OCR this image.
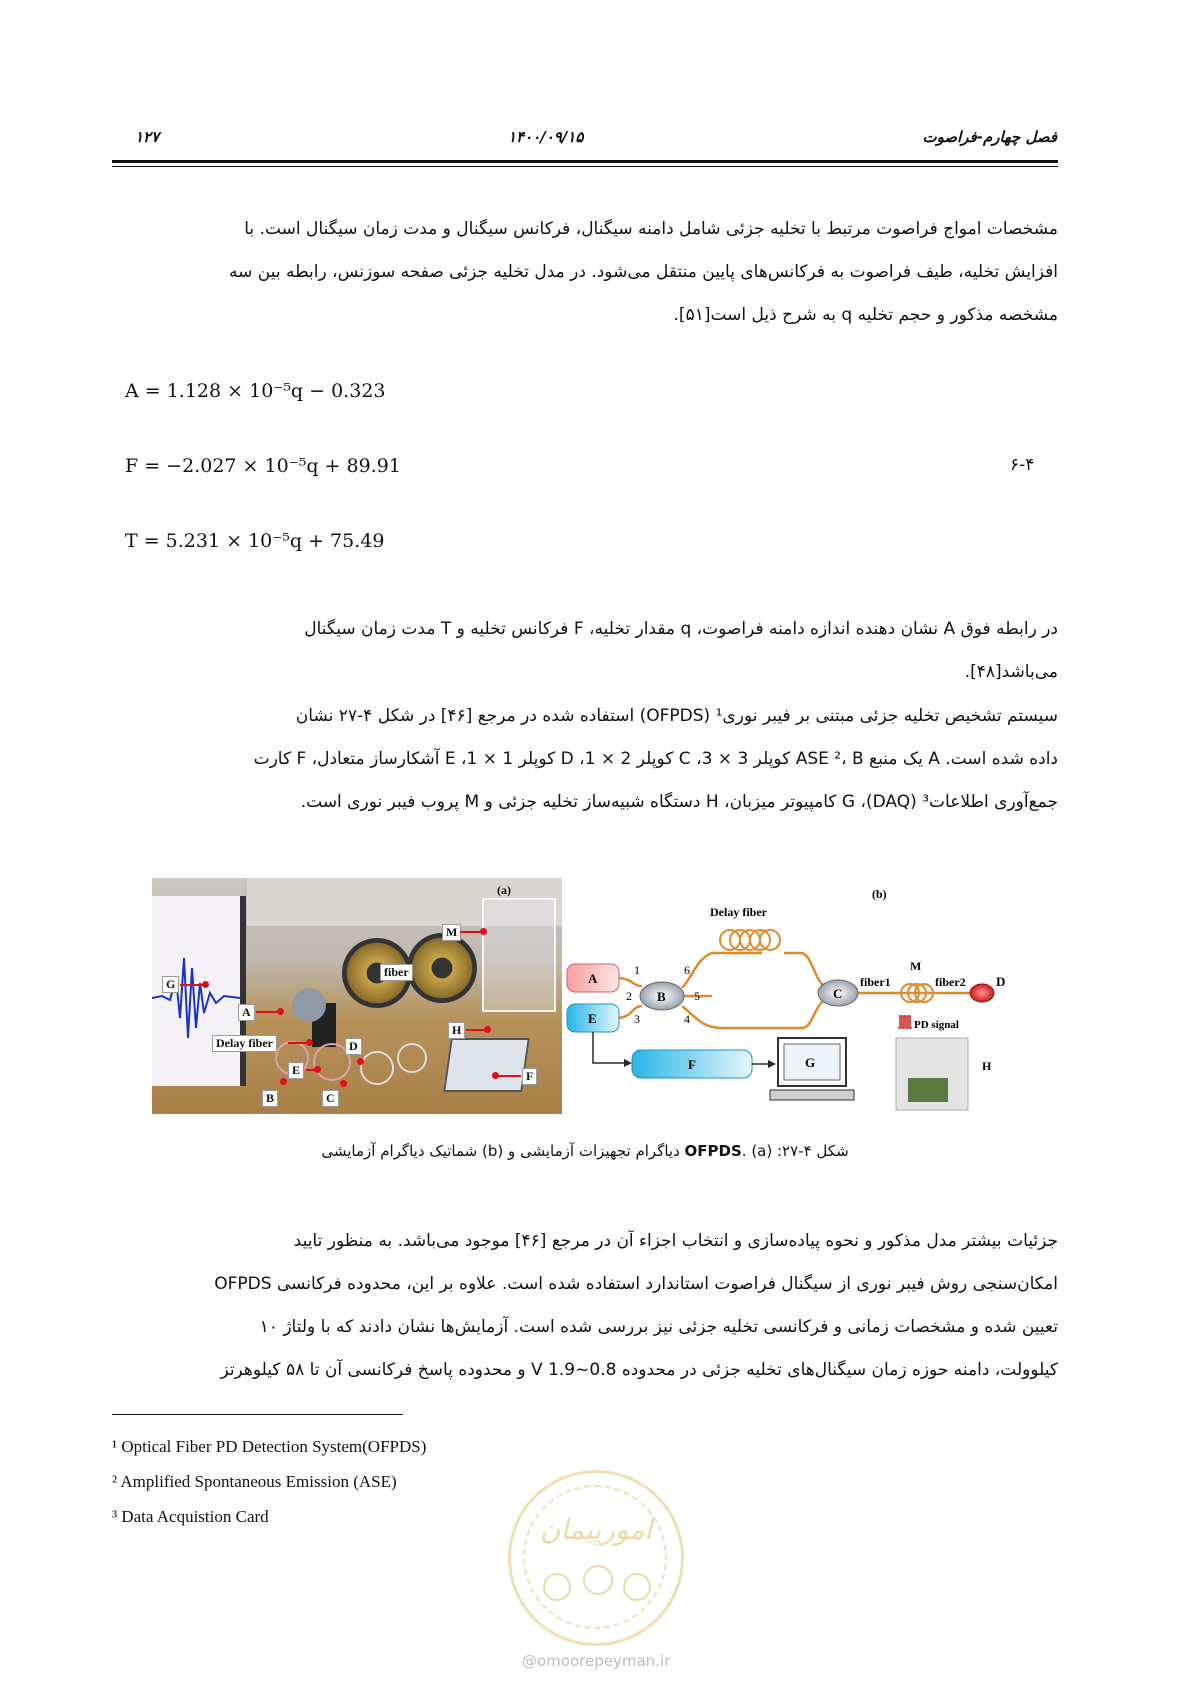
۱۲۷	۱۴۰۰/۰۹/۱۵	فصل چهارم-فراصوت
مشخصات امواج فراصوت مرتبط با تخلیه جزئی شامل دامنه سیگنال، فرکانس سیگنال و مدت زمان سیگنال است. با
افزایش تخلیه، طیف فراصوت به فرکانس‌های پایین منتقل می‌شود. در مدل تخلیه جزئی صفحه سوزنس، رابطه بین سه
مشخصه مذکور و حجم تخلیه q به شرح ذیل است[۵۱].
A = 1.128 × 10⁻⁵q − 0.323
F = −2.027 × 10⁻⁵q + 89.91
T = 5.231 × 10⁻⁵q + 75.49
۶-۴
در رابطه فوق A نشان دهنده اندازه دامنه فراصوت، q مقدار تخلیه، F فرکانس تخلیه و T مدت زمان سیگنال
می‌باشد[۴۸].
سیستم تشخیص تخلیه جزئی مبتنی بر فیبر نوری¹ (OFPDS) استفاده شده در مرجع [۴۶] در شکل ۴-۲۷ نشان
داده شده است. A یک منبع ASE ²، B کوپلر 3 × 3، C کوپلر 2 × 1، D کوپلر 1 × 1، E آشکارساز متعادل، F کارت
جمع‌آوری اطلاعات³ (DAQ)، G کامپیوتر میزبان، H دستگاه شبیه‌ساز تخلیه جزئی و M پروب فیبر نوری است.
(a)
G
A
Delay fiber
fiber
M
D
H
E	F
B	C
(b)
Delay fiber
M
fiber1	fiber2
PD signal
H
A
E
B	C
D
1
2
3	4
5
6
F	G
شکل ۴-۲۷: OFPDS. (a) دیاگرام تجهیزات آزمایشی و (b) شماتیک دیاگرام آزمایشی
جزئیات بیشتر مدل مذکور و نحوه پیاده‌سازی و انتخاب اجزاء آن در مرجع [۴۶] موجود می‌باشد. به منظور تایید
امکان‌سنجی روش فیبر نوری از سیگنال فراصوت استاندارد استفاده شده است. علاوه بر این، محدوده فرکانسی OFPDS
تعیین شده و مشخصات زمانی و فرکانسی تخلیه جزئی نیز بررسی شده است. آزمایش‌ها نشان دادند که با ولتاژ ۱۰
کیلوولت، دامنه حوزه زمان سیگنال‌های تخلیه جزئی در محدوده 0.8~1.9 V و محدوده پاسخ فرکانسی آن تا ۵۸ کیلوهرتز
¹ Optical Fiber PD Detection System(OFPDS)
² Amplified Spontaneous Emission (ASE)
³ Data Acquistion Card	امورپیمان
@omoorepeyman.ir
